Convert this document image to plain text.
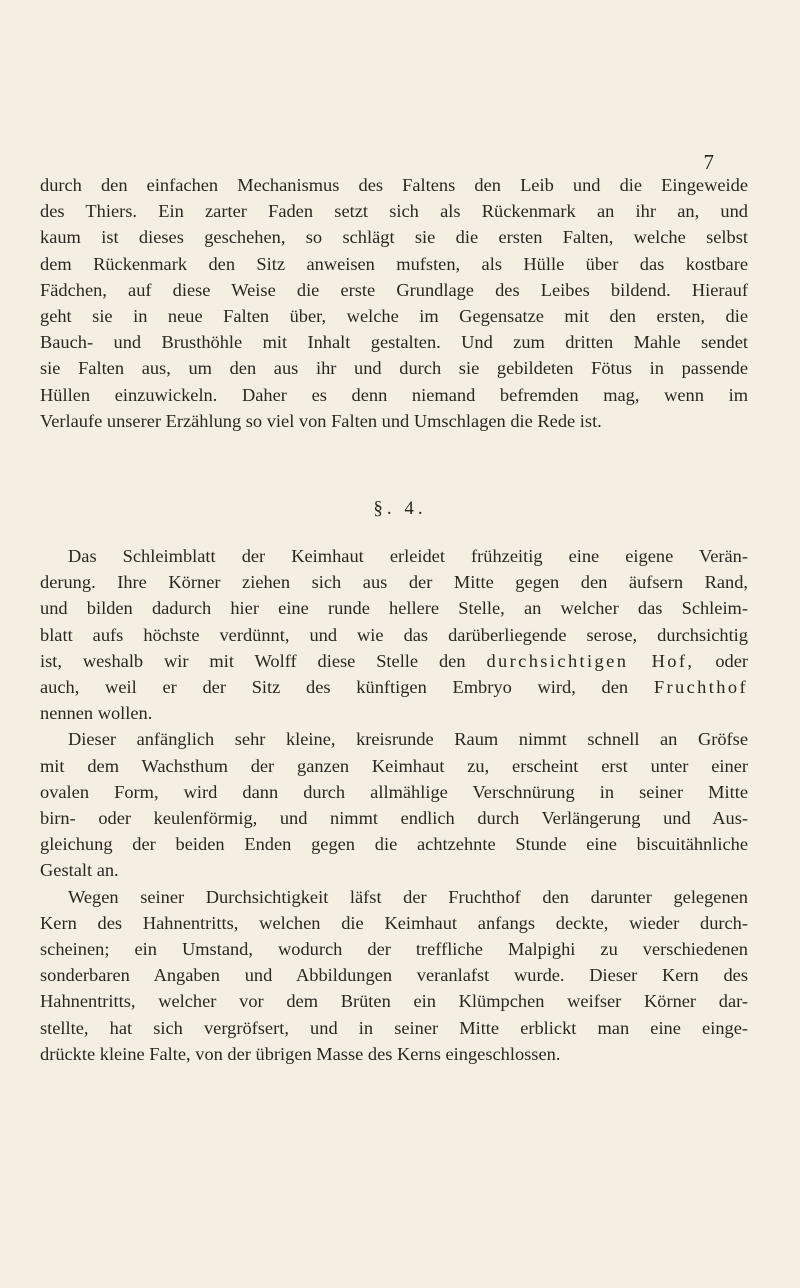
7
durch den einfachen Mechanismus des Faltens den Leib und die Eingeweide
des Thiers. Ein zarter Faden setzt sich als Rückenmark an ihr an, und
kaum ist dieses geschehen, so schlägt sie die ersten Falten, welche selbst
dem Rückenmark den Sitz anweisen mufsten, als Hülle über das kostbare
Fädchen, auf diese Weise die erste Grundlage des Leibes bildend. Hierauf
geht sie in neue Falten über, welche im Gegensatze mit den ersten, die
Bauch- und Brusthöhle mit Inhalt gestalten. Und zum dritten Mahle sendet
sie Falten aus, um den aus ihr und durch sie gebildeten Fötus in passende
Hüllen einzuwickeln. Daher es denn niemand befremden mag, wenn im
Verlaufe unserer Erzählung so viel von Falten und Umschlagen die Rede ist.
§. 4.
Das Schleimblatt der Keimhaut erleidet frühzeitig eine eigene Verän-
derung. Ihre Körner ziehen sich aus der Mitte gegen den äufsern Rand,
und bilden dadurch hier eine runde hellere Stelle, an welcher das Schleim-
blatt aufs höchste verdünnt, und wie das darüberliegende serose, durchsichtig
ist, weshalb wir mit Wolff diese Stelle den durchsichtigen Hof, oder
auch, weil er der Sitz des künftigen Embryo wird, den Fruchthof
nennen wollen.
Dieser anfänglich sehr kleine, kreisrunde Raum nimmt schnell an Gröfse
mit dem Wachsthum der ganzen Keimhaut zu, erscheint erst unter einer
ovalen Form, wird dann durch allmählige Verschnürung in seiner Mitte
birn- oder keulenförmig, und nimmt endlich durch Verlängerung und Aus-
gleichung der beiden Enden gegen die achtzehnte Stunde eine biscuitähnliche
Gestalt an.
Wegen seiner Durchsichtigkeit läfst der Fruchthof den darunter gelegenen
Kern des Hahnentritts, welchen die Keimhaut anfangs deckte, wieder durch-
scheinen; ein Umstand, wodurch der treffliche Malpighi zu verschiedenen
sonderbaren Angaben und Abbildungen veranlafst wurde. Dieser Kern des
Hahnentritts, welcher vor dem Brüten ein Klümpchen weifser Körner dar-
stellte, hat sich vergröfsert, und in seiner Mitte erblickt man eine einge-
drückte kleine Falte, von der übrigen Masse des Kerns eingeschlossen.
